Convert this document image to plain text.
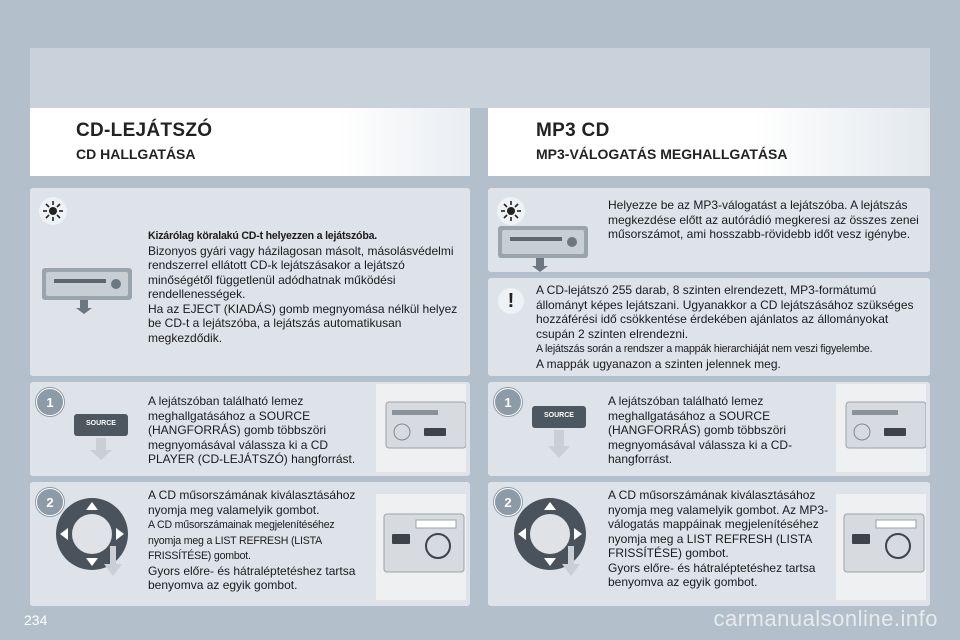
CD-LEJÁTSZÓ
CD HALLGATÁSA
MP3 CD
MP3-VÁLOGATÁS MEGHALLGATÁSA
Kizárólag köralakú CD-t helyezzen a lejátszóba.
Bizonyos gyári vagy házilagosan másolt, másolásvédelmi rendszerrel ellátott CD-k lejátszásakor a lejátszó minőségétől függetlenül adódhatnak működési rendellenességek.
Ha az EJECT (KIADÁS) gomb megnyomása nélkül helyez be CD-t a lejátszóba, a lejátszás automatikusan megkezdődik.
Helyezze be az MP3-válogatást a lejátszóba. A lejátszás megkezdése előtt az autórádió megkeresi az összes zenei műsorszámot, ami hosszabb-rövidebb időt vesz igénybe.
! A CD-lejátszó 255 darab, 8 szinten elrendezett, MP3-formátumú állományt képes lejátszani. Ugyanakkor a CD lejátszásához szükséges hozzáférési idő csökkentése érdekében ajánlatos az állományokat csupán 2 szinten elrendezni.
A lejátszás során a rendszer a mappák hierarchiáját nem veszi figyelembe.
A mappák ugyanazon a szinten jelennek meg.
1
SOURCE
A lejátszóban található lemez meghallgatásához a SOURCE (HANGFORRÁS) gomb többszöri megnyomásával válassza ki a CD PLAYER (CD-LEJÁTSZÓ) hangforrást.
1
SOURCE
A lejátszóban található lemez meghallgatásához a SOURCE (HANGFORRÁS) gomb többszöri megnyomásával válassza ki a CD-hangforrást.
2	A CD műsorszámának kiválasztásához nyomja meg valamelyik gombot.
A CD műsorszámainak megjelenítéséhez nyomja meg a LIST REFRESH (LISTA FRISSÍTÉSE) gombot.
Gyors előre- és hátraléptetéshez tartsa benyomva az egyik gombot.
2	A CD műsorszámának kiválasztásához nyomja meg valamelyik gombot. Az MP3-válogatás mappáinak megjelenítéséhez nyomja meg a LIST REFRESH (LISTA FRISSÍTÉSE) gombot.
Gyors előre- és hátraléptetéshez tartsa benyomva az egyik gombot.
234	carmanualsonline.info
